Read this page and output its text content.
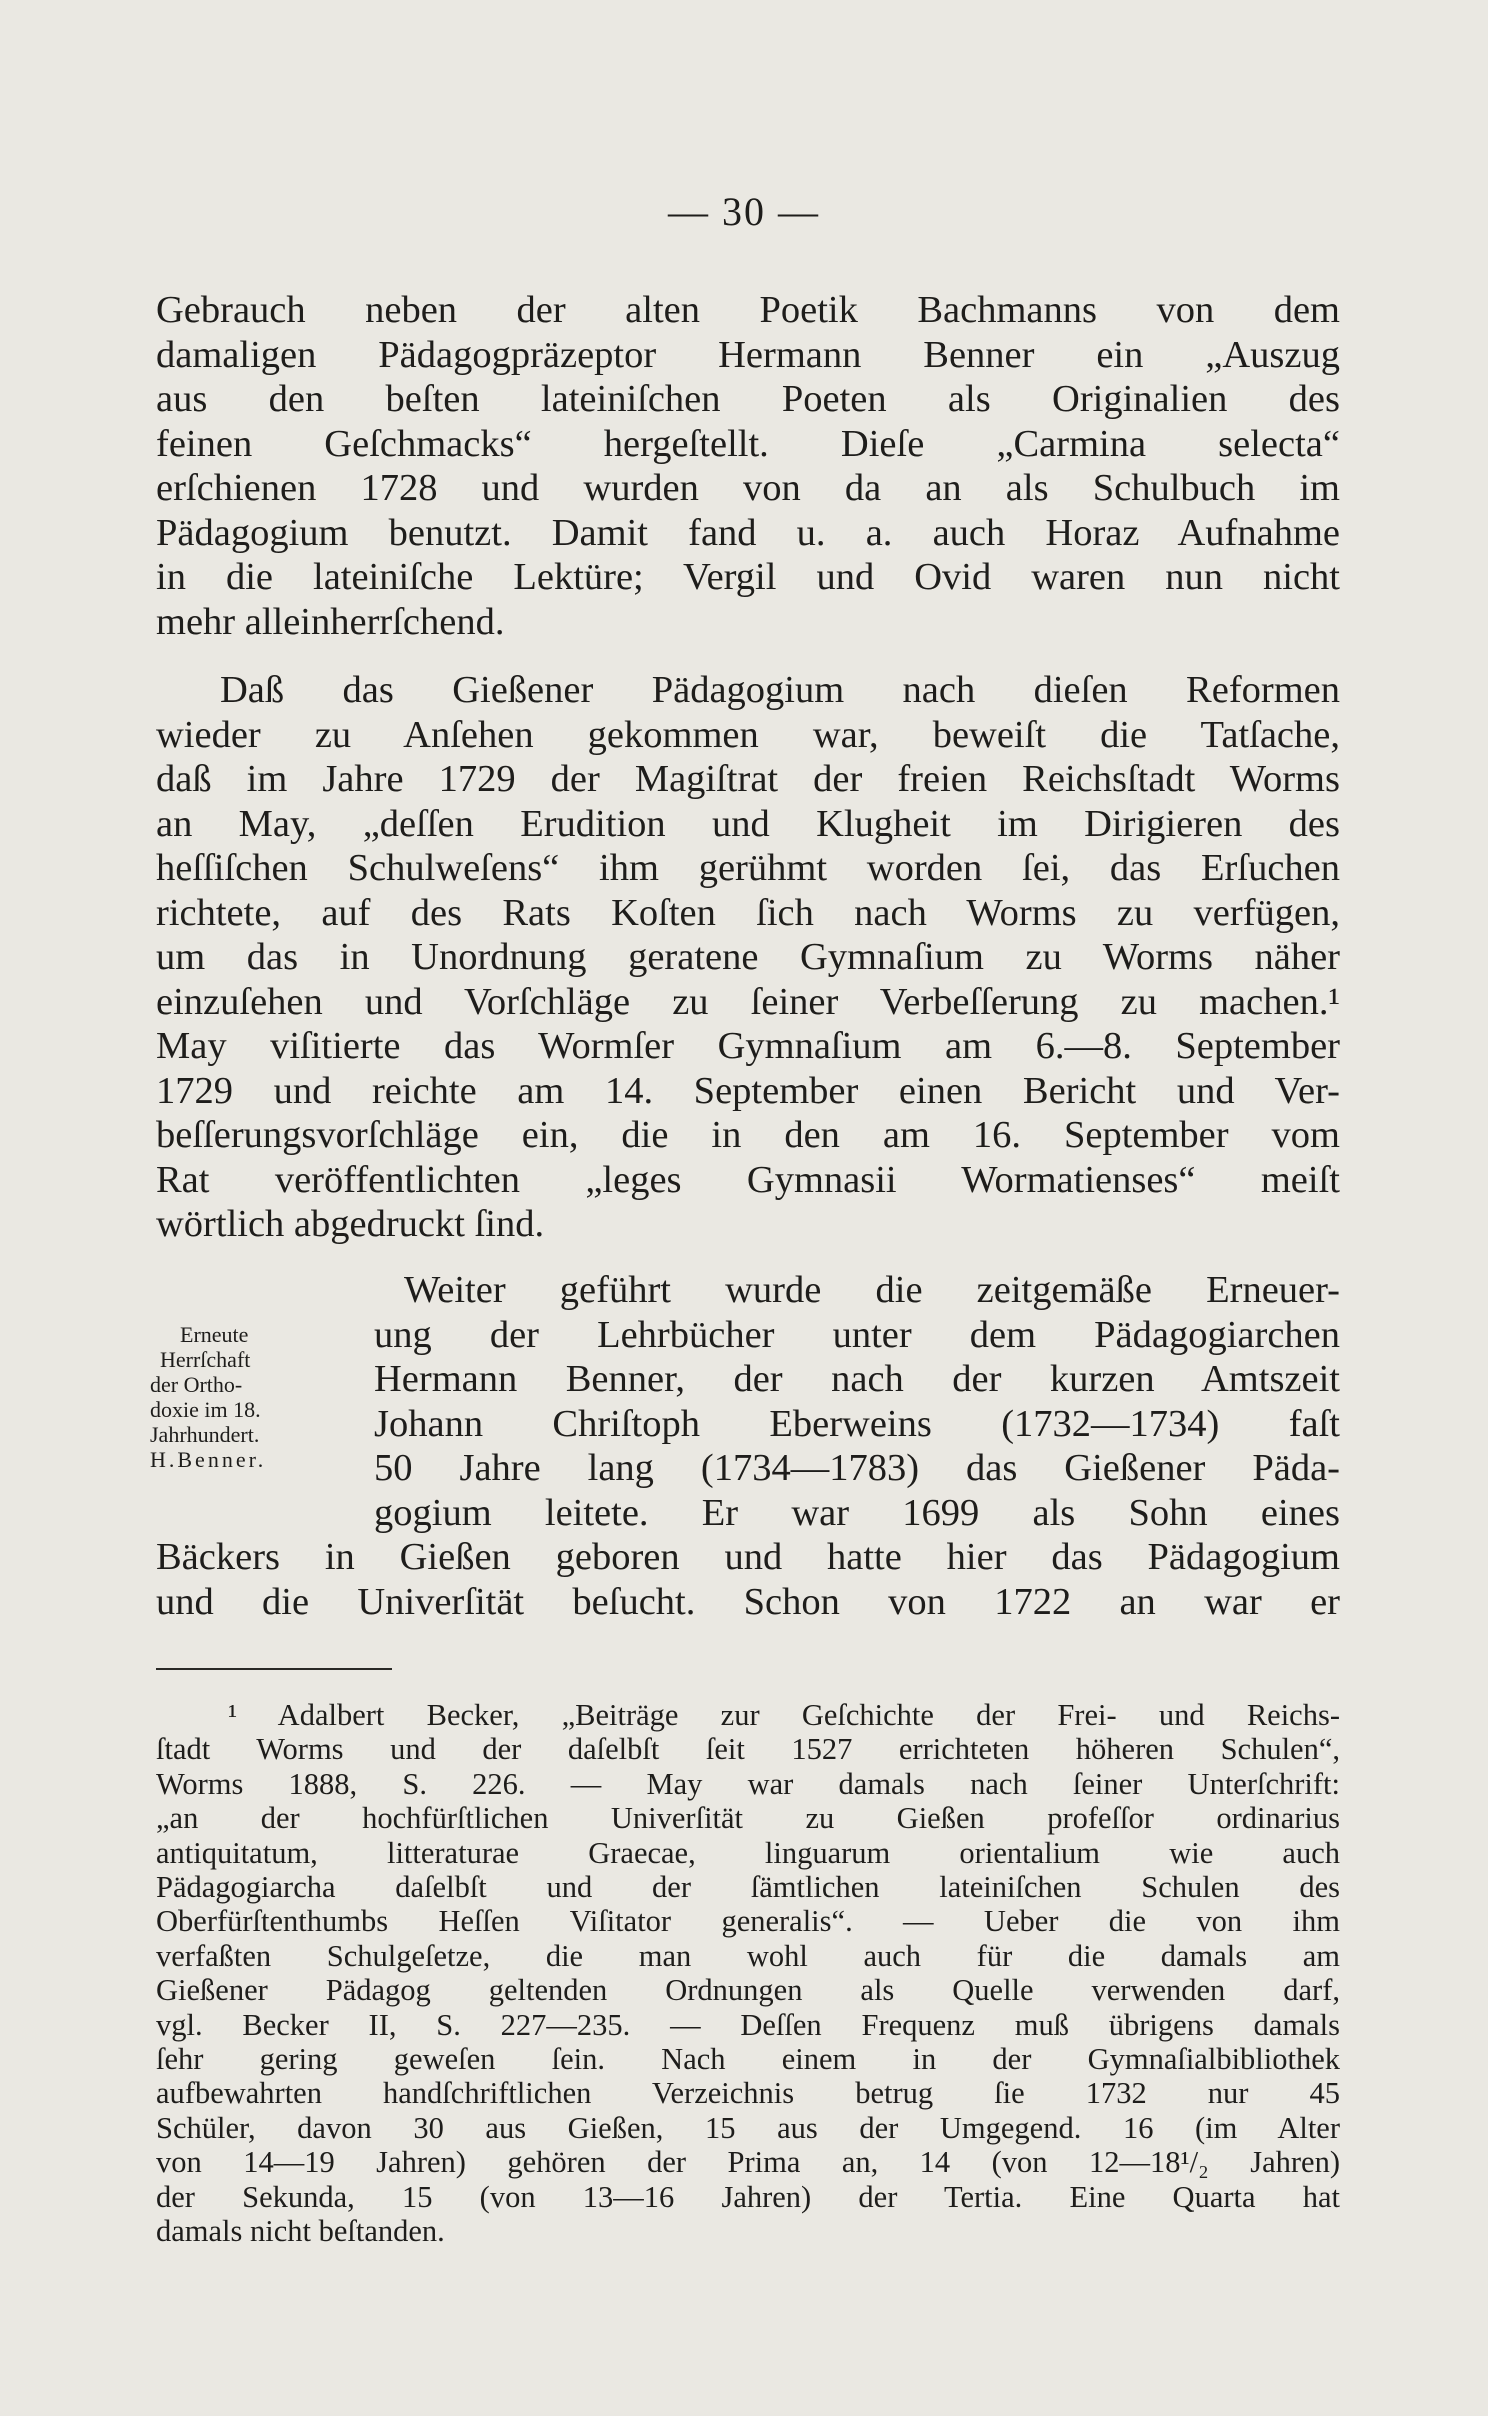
— 30 —
Gebrauch neben der alten Poetik Bachmanns von dem
damaligen Pädagogpräzeptor Hermann Benner ein „Auszug
aus den beſten lateiniſchen Poeten als Originalien des
feinen Geſchmacks“ hergeſtellt. Dieſe „Carmina selecta“
erſchienen 1728 und wurden von da an als Schulbuch im
Pädagogium benutzt. Damit fand u. a. auch Horaz Aufnahme
in die lateiniſche Lektüre; Vergil und Ovid waren nun nicht
mehr alleinherrſchend.
Daß das Gießener Pädagogium nach dieſen Reformen
wieder zu Anſehen gekommen war, beweiſt die Tatſache,
daß im Jahre 1729 der Magiſtrat der freien Reichsſtadt Worms
an May, „deſſen Erudition und Klugheit im Dirigieren des
heſſiſchen Schulweſens“ ihm gerühmt worden ſei, das Erſuchen
richtete, auf des Rats Koſten ſich nach Worms zu verfügen,
um das in Unordnung geratene Gymnaſium zu Worms näher
einzuſehen und Vorſchläge zu ſeiner Verbeſſerung zu machen.¹
May viſitierte das Wormſer Gymnaſium am 6.—8. September
1729 und reichte am 14. September einen Bericht und Ver-
beſſerungsvorſchläge ein, die in den am 16. September vom
Rat veröffentlichten „leges Gymnasii Wormatienses“ meiſt
wörtlich abgedruckt ſind.
Erneute
Herrſchaft
der Ortho-
doxie im 18.
Jahrhundert.
H.Benner.
Weiter geführt wurde die zeitgemäße Erneuer-
ung der Lehrbücher unter dem Pädagogiarchen
Hermann Benner, der nach der kurzen Amtszeit
Johann Chriſtoph Eberweins (1732—1734) faſt
50 Jahre lang (1734—1783) das Gießener Päda-
gogium leitete. Er war 1699 als Sohn eines
Bäckers in Gießen geboren und hatte hier das Pädagogium
und die Univerſität beſucht. Schon von 1722 an war er
¹ Adalbert Becker, „Beiträge zur Geſchichte der Frei- und Reichs-
ſtadt Worms und der daſelbſt ſeit 1527 errichteten höheren Schulen“,
Worms 1888, S. 226. — May war damals nach ſeiner Unterſchrift:
„an der hochfürſtlichen Univerſität zu Gießen profeſſor ordinarius
antiquitatum, litteraturae Graecae, linguarum orientalium wie auch
Pädagogiarcha daſelbſt und der ſämtlichen lateiniſchen Schulen des
Oberfürſtenthumbs Heſſen Viſitator generalis“. — Ueber die von ihm
verfaßten Schulgeſetze, die man wohl auch für die damals am
Gießener Pädagog geltenden Ordnungen als Quelle verwenden darf,
vgl. Becker II, S. 227—235. — Deſſen Frequenz muß übrigens damals
ſehr gering geweſen ſein. Nach einem in der Gymnaſialbibliothek
aufbewahrten handſchriftlichen Verzeichnis betrug ſie 1732 nur 45
Schüler, davon 30 aus Gießen, 15 aus der Umgegend. 16 (im Alter
von 14—19 Jahren) gehören der Prima an, 14 (von 12—18¹/₂ Jahren)
der Sekunda, 15 (von 13—16 Jahren) der Tertia. Eine Quarta hat
damals nicht beſtanden.
